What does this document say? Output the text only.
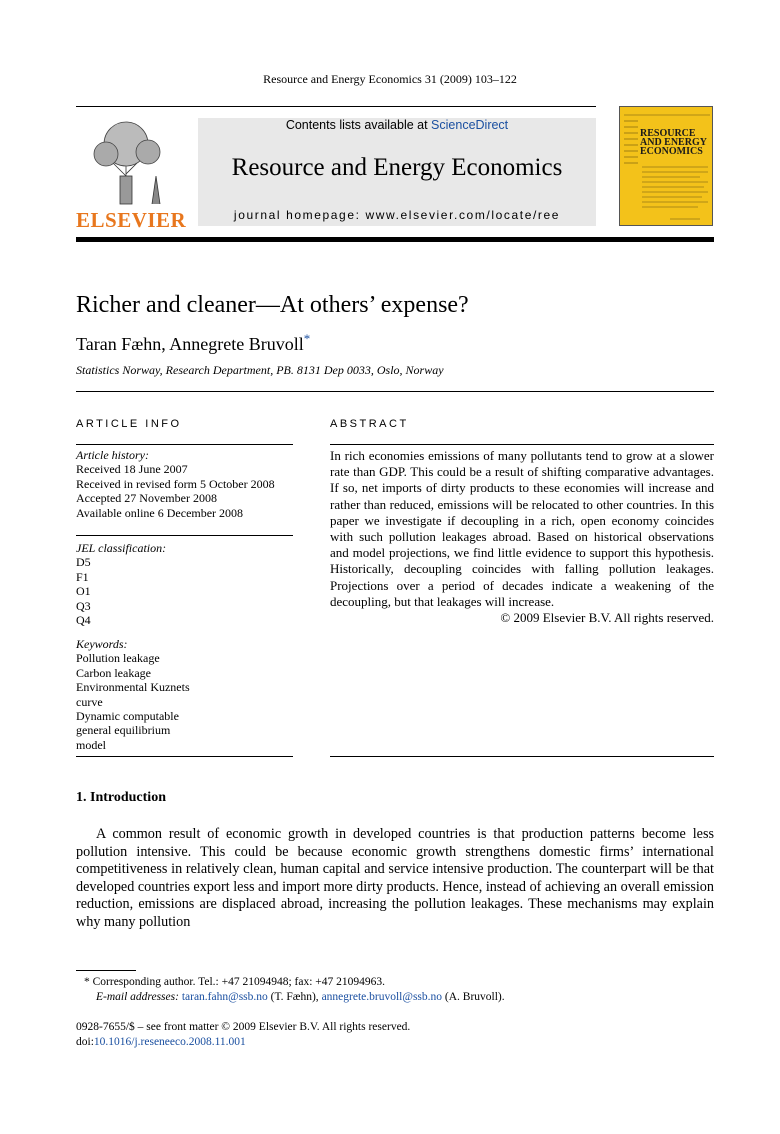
Resource and Energy Economics 31 (2009) 103–122
ELSEVIER
Contents lists available at ScienceDirect
Resource and Energy Economics
journal homepage: www.elsevier.com/locate/ree
RESOURCE AND ENERGY ECONOMICS
Richer and cleaner—At others’ expense?
Taran Fæhn, Annegrete Bruvoll*
Statistics Norway, Research Department, PB. 8131 Dep 0033, Oslo, Norway
ARTICLE INFO	ABSTRACT
Article history:
Received 18 June 2007
Received in revised form 5 October 2008
Accepted 27 November 2008
Available online 6 December 2008
JEL classification:
D5
F1
O1
Q3
Q4
Keywords:
Pollution leakage
Carbon leakage
Environmental Kuznets
curve
Dynamic computable
general equilibrium
model
In rich economies emissions of many pollutants tend to grow at a slower rate than GDP. This could be a result of shifting comparative advantages. If so, net imports of dirty products to these economies will increase and rather than reduced, emissions will be relocated to other countries. In this paper we investigate if decoupling in a rich, open economy coincides with such pollution leakages abroad. Based on historical observations and model projections, we find little evidence to support this hypothesis. Historically, decoupling coincides with falling pollution leakages. Projections over a period of decades indicate a weakening of the decoupling, but that leakages will increase.
© 2009 Elsevier B.V. All rights reserved.
1. Introduction
A common result of economic growth in developed countries is that production patterns become less pollution intensive. This could be because economic growth strengthens domestic firms’ international competitiveness in relatively clean, human capital and service intensive production. The counterpart will be that developed countries export less and import more dirty products. Hence, instead of achieving an overall emission reduction, emissions are displaced abroad, increasing the pollution leakages. These mechanisms may explain why many pollution
* Corresponding author. Tel.: +47 21094948; fax: +47 21094963.
E-mail addresses: taran.fahn@ssb.no (T. Fæhn), annegrete.bruvoll@ssb.no (A. Bruvoll).
0928-7655/$ – see front matter © 2009 Elsevier B.V. All rights reserved.
doi:10.1016/j.reseneeco.2008.11.001
